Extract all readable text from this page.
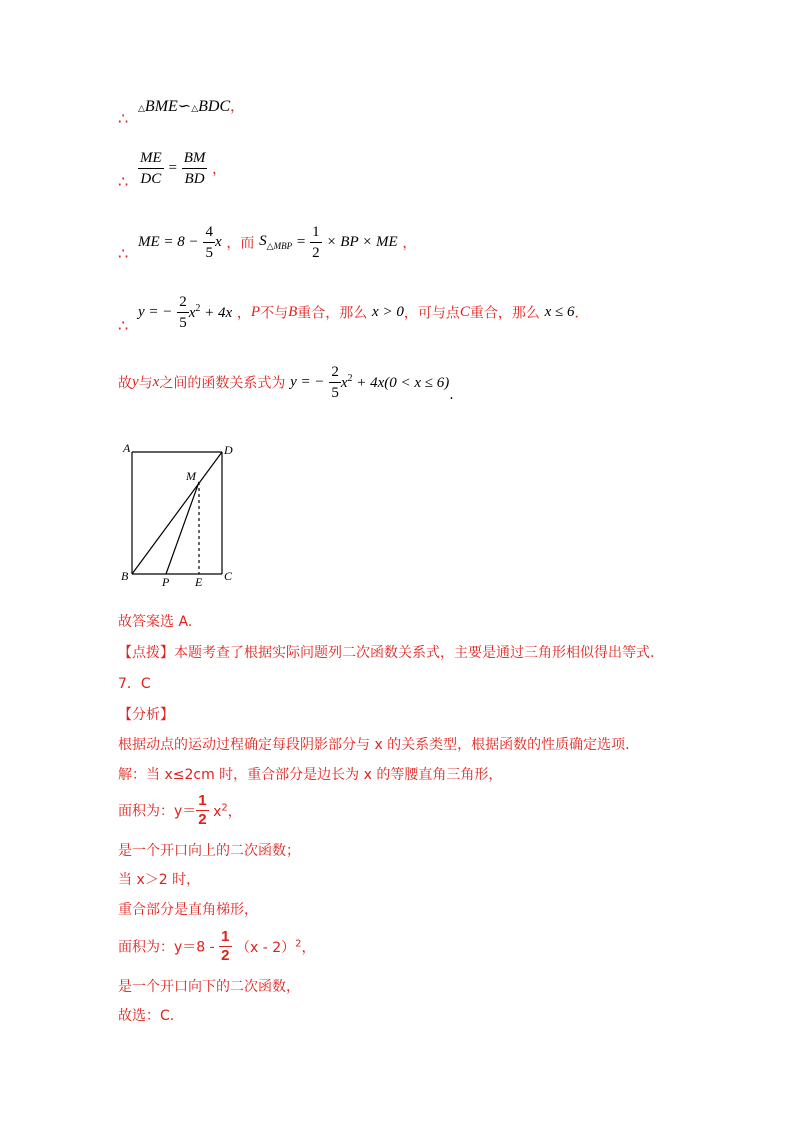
∴
△BME∽△BDC，
∴ $\frac{ME}{DC} = \frac{BM}{BD}$ ，
∴
ME = $8 - \frac{4}{5}$ x ，而 $S_{\triangle MBP} = \frac{1}{2}$ × BP × ME ，
∴
y = − $\frac{2}{5} x^2 + 4x$ ，P不与B重合，那么 x > 0，可与点C重合，那么 x ≤ 6．
故y与x之间的函数关系式为 y = − $\frac{2}{5} x^2 + 4x(0 < x \le 6)$.
A	D
M
B	P E C
故答案选 A.
【点拨】本题考查了根据实际问题列二次函数关系式，主要是通过三角形相似得出等式.
7．C
【分析】
根据动点的运动过程确定每段阴影部分与 x 的关系类型，根据函数的性质确定选项.
解：当 x≤2cm 时，重合部分是边长为 x 的等腰直角三角形，
面积为：$y= \frac{1}{2} x^2$，
是一个开口向上的二次函数；
当 x＞2 时，
重合部分是直角梯形，
面积为：$y=8 - \frac{1}{2} (x - 2)^2$，
是一个开口向下的二次函数，
故选：C.
